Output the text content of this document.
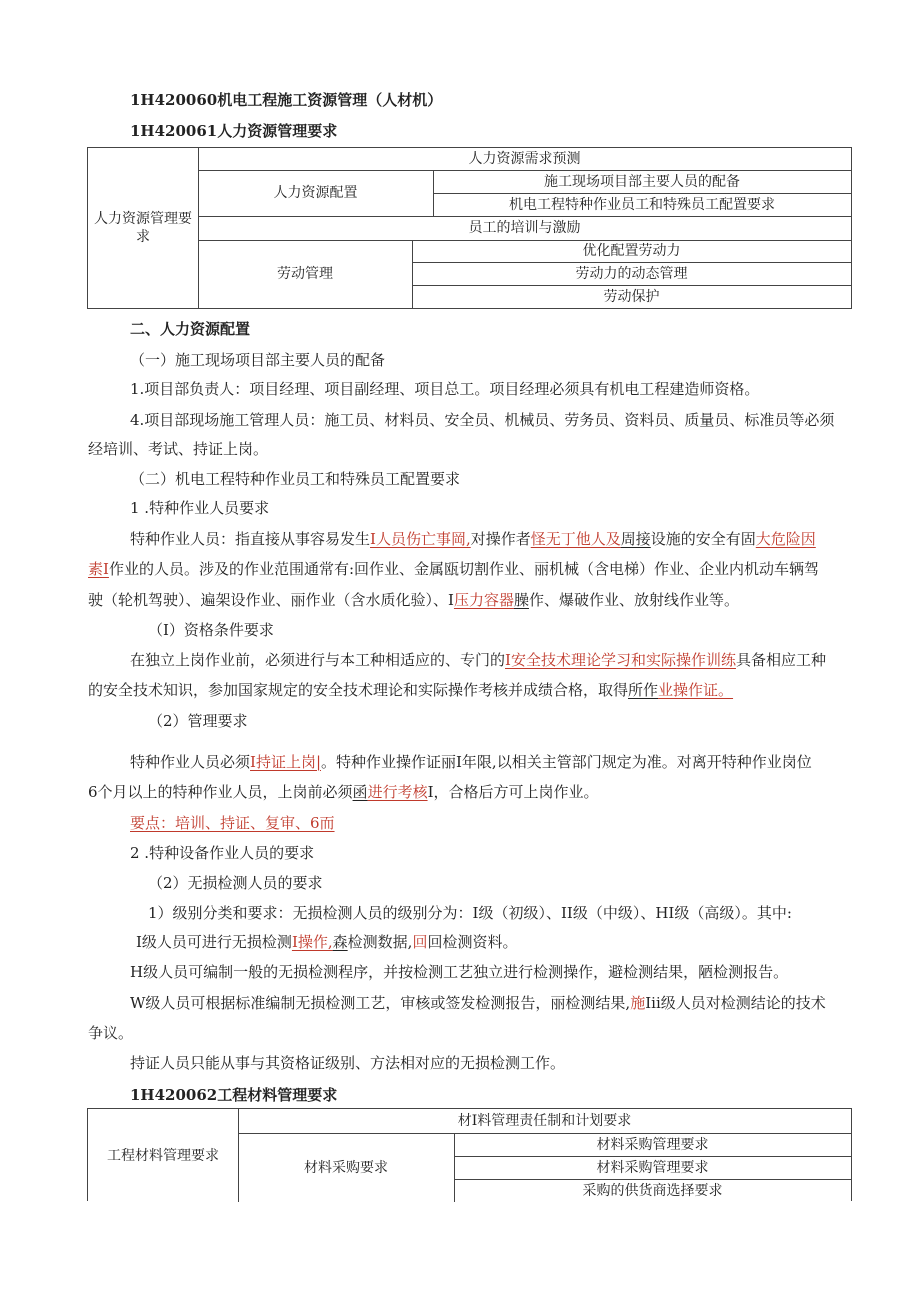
1H420060机电工程施工资源管理（人材机）
1H420061人力资源管理要求
人力资源管理要求
人力资源需求预测
人力资源配置
施工现场项目部主要人员的配备
机电工程特种作业员工和特殊员工配置要求
员工的培训与激励
劳动管理
优化配置劳动力
劳动力的动态管理
劳动保护
二、人力资源配置
（一）施工现场项目部主要人员的配备
1.项目部负责人：项目经理、项目副经理、项目总工。项目经理必须具有机电工程建造师资格。
4.项目部现场施工管理人员：施工员、材料员、安全员、机械员、劳务员、资料员、质量员、标准员等必须
经培训、考试、持证上岗。
（二）机电工程特种作业员工和特殊员工配置要求
1 .特种作业人员要求
特种作业人员：指直接从事容易发生I人员伤亡事岡,对操作者怪无丁他人及周接设施的安全有固大危险因
素I作业的人员。涉及的作业范围通常有:回作业、金属瓯切割作业、丽机械（含电梯）作业、企业内机动车辆驾
驶（轮机驾驶）、遍架设作业、丽作业（含水质化验）、I压力容器臊作、爆破作业、放射线作业等。
（I）资格条件要求
在独立上岗作业前，必须进行与本工种相适应的、专门的I安全技术理论学习和实际操作训练具备相应工种
的安全技术知识，参加国家规定的安全技术理论和实际操作考核并成绩合格，取得所作业操作证。
（2）管理要求
特种作业人员必须I持证上岗|。特种作业操作证丽I年限,以相关主管部门规定为准。对离开特种作业岗位
6个月以上的特种作业人员，上岗前必须函进行考核I，合格后方可上岗作业。
要点：培训、持证、复审、6而
2 .特种设备作业人员的要求
（2）无损检测人员的要求
1）级别分类和要求：无损检测人员的级别分为：I级（初级）、II级（中级）、HI级（高级）。其中:
I级人员可进行无损检测I操作,森检测数据,回回检测资料。
H级人员可编制一般的无损检测程序，并按检测工艺独立进行检测操作，避检测结果，陋检测报告。
W级人员可根据标准编制无损检测工艺，审核或签发检测报告，丽检测结果,施Iii级人员对检测结论的技术
争议。
持证人员只能从事与其资格证级别、方法相对应的无损检测工作。
1H420062工程材料管理要求
工程材料管理要求
材I料管理责任制和计划要求
材料采购要求
材料采购管理要求
材料采购管理要求
采购的供货商选择要求
